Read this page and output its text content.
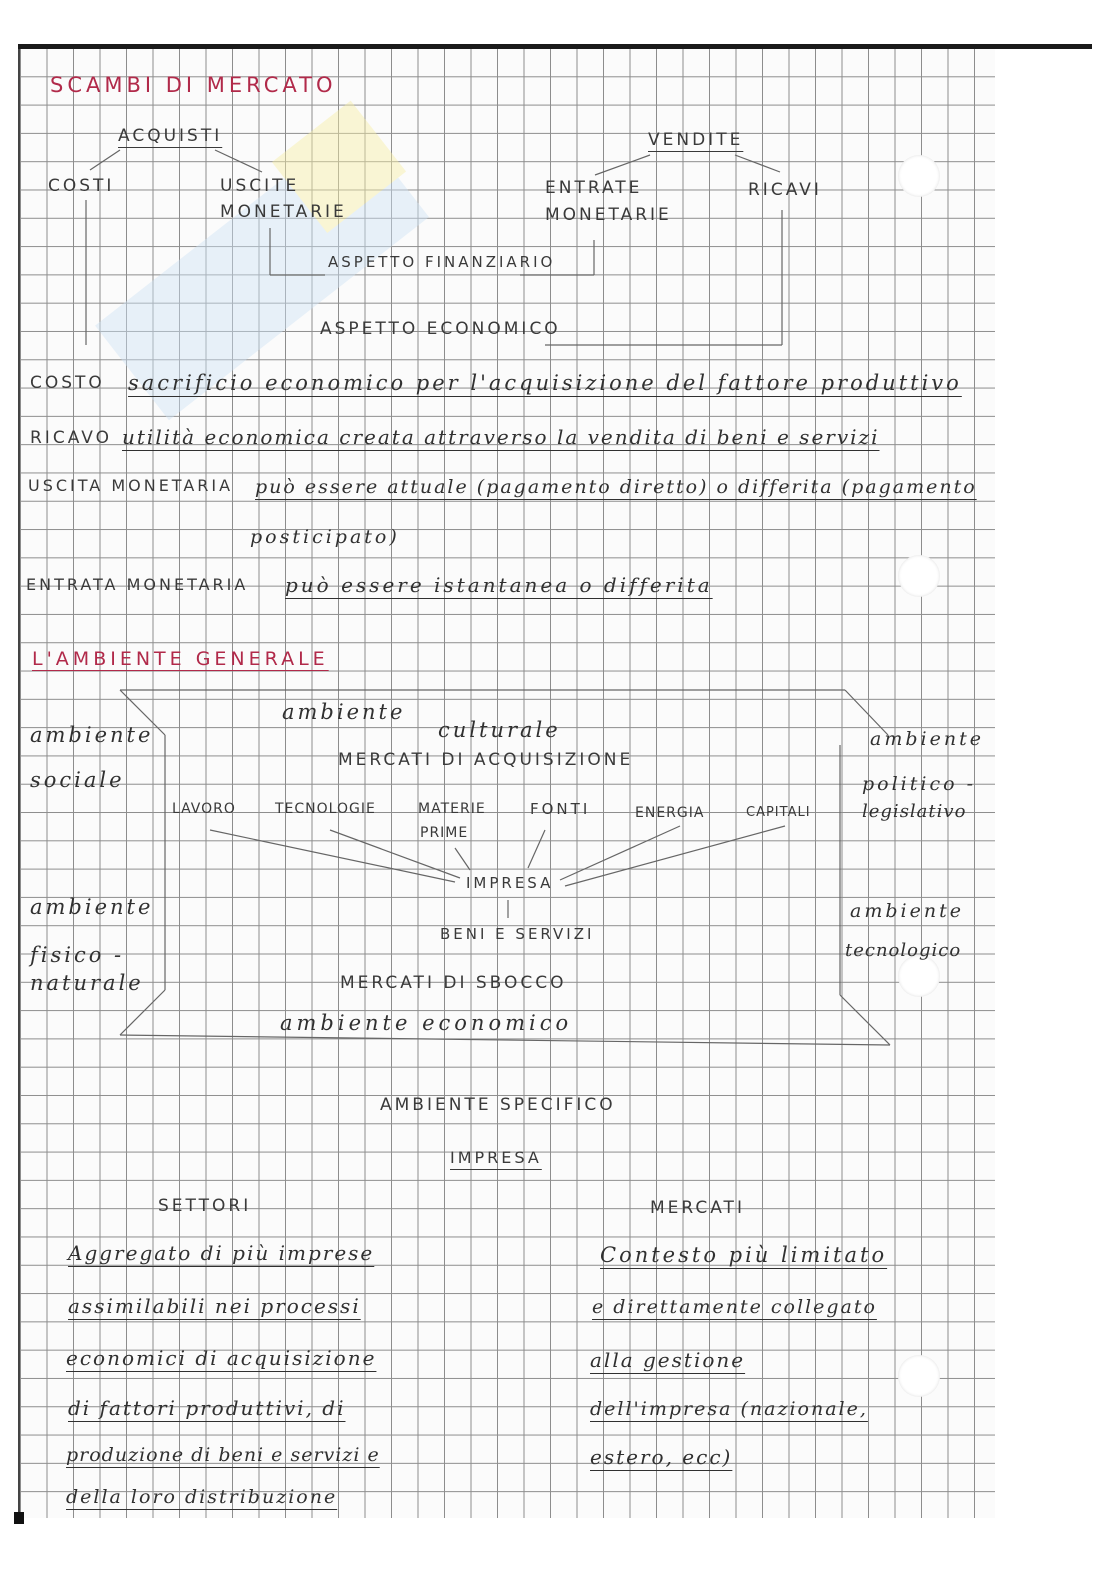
SCAMBI DI MERCATO
ACQUISTI	VENDITE
COSTI	USCITE
MONETARIE
ENTRATE
MONETARIE
RICAVI
ASPETTO FINANZIARIO
ASPETTO ECONOMICO
COSTO sacrificio economico per l'acquisizione del fattore produttivo
RICAVO utilità economica creata attraverso la vendita di beni e servizi
USCITA MONETARIA può essere attuale (pagamento diretto) o differita (pagamento
posticipato)
ENTRATA MONETARIA può essere istantanea o differita
L'AMBIENTE GENERALE
ambiente
culturale
ambiente
sociale
ambiente
politico -
legislativo
MERCATI DI ACQUISIZIONE
LAVORO	TECNOLOGIE	MATERIE
PRIME
FONTI	ENERGIA	CAPITALI
IMPRESA
ambiente
fisico -
naturale
ambiente
tecnologico
BENI E SERVIZI
MERCATI DI SBOCCO
ambiente economico
AMBIENTE SPECIFICO
IMPRESA
SETTORI	MERCATI
Aggregato di più imprese
assimilabili nei processi
economici di acquisizione
di fattori produttivi, di
produzione di beni e servizi e
della loro distribuzione
Contesto più limitato
e direttamente collegato
alla gestione
dell'impresa (nazionale,
estero, ecc)
